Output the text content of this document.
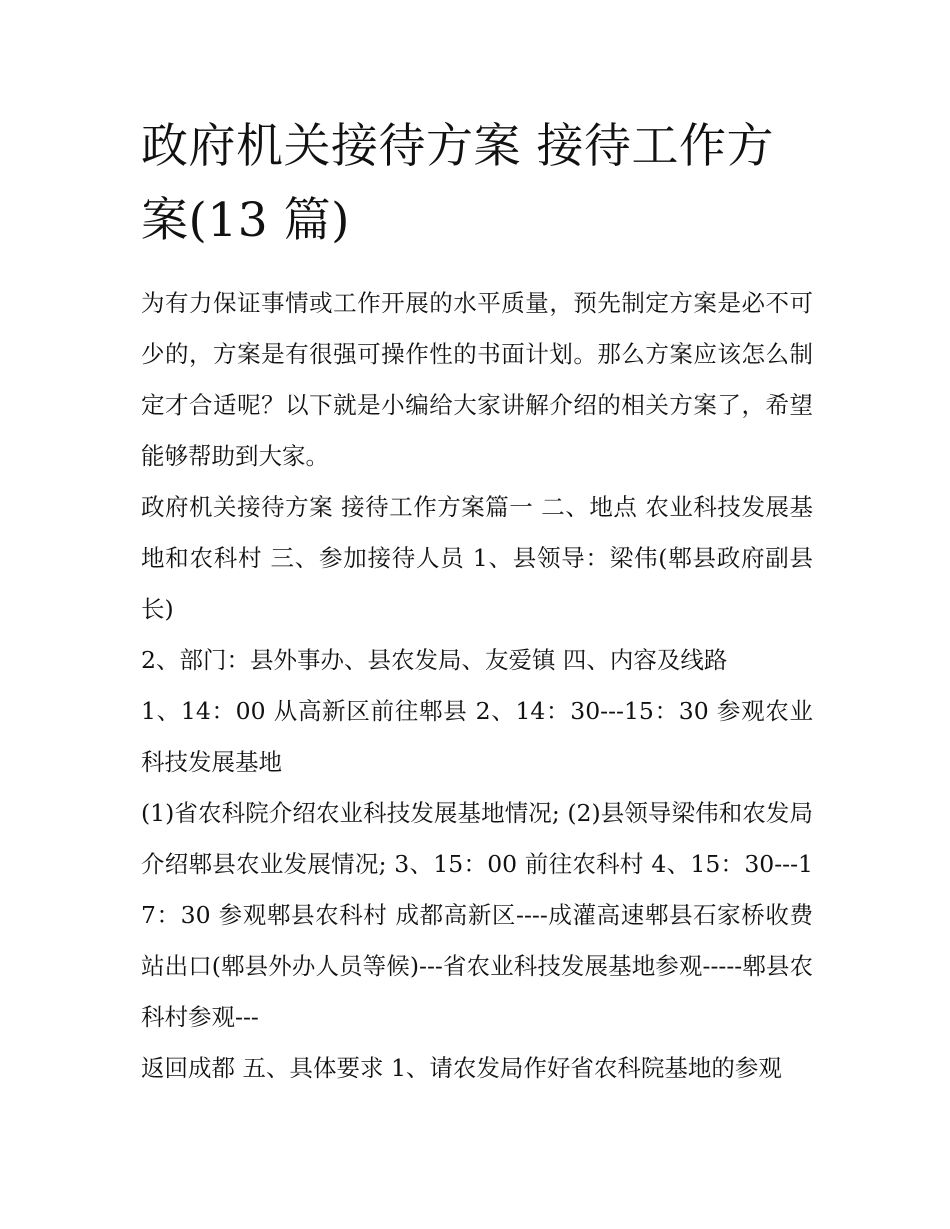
政府机关接待方案 接待工作方案(13 篇)

为有力保证事情或工作开展的水平质量，预先制定方案是必不可少的，方案是有很强可操作性的书面计划。那么方案应该怎么制定才合适呢？以下就是小编给大家讲解介绍的相关方案了，希望能够帮助到大家。

政府机关接待方案 接待工作方案篇一 二、地点 农业科技发展基地和农科村 三、参加接待人员 1、县领导：梁伟(郫县政府副县长)

2、部门：县外事办、县农发局、友爱镇 四、内容及线路

1、14：00 从高新区前往郫县 2、14：30---15：30 参观农业科技发展基地

(1)省农科院介绍农业科技发展基地情况; (2)县领导梁伟和农发局介绍郫县农业发展情况; 3、15：00 前往农科村 4、15：30---17：30 参观郫县农科村 成都高新区----成灌高速郫县石家桥收费站出口(郫县外办人员等候)---省农业科技发展基地参观-----郫县农科村参观---

返回成都 五、具体要求 1、请农发局作好省农科院基地的参观
